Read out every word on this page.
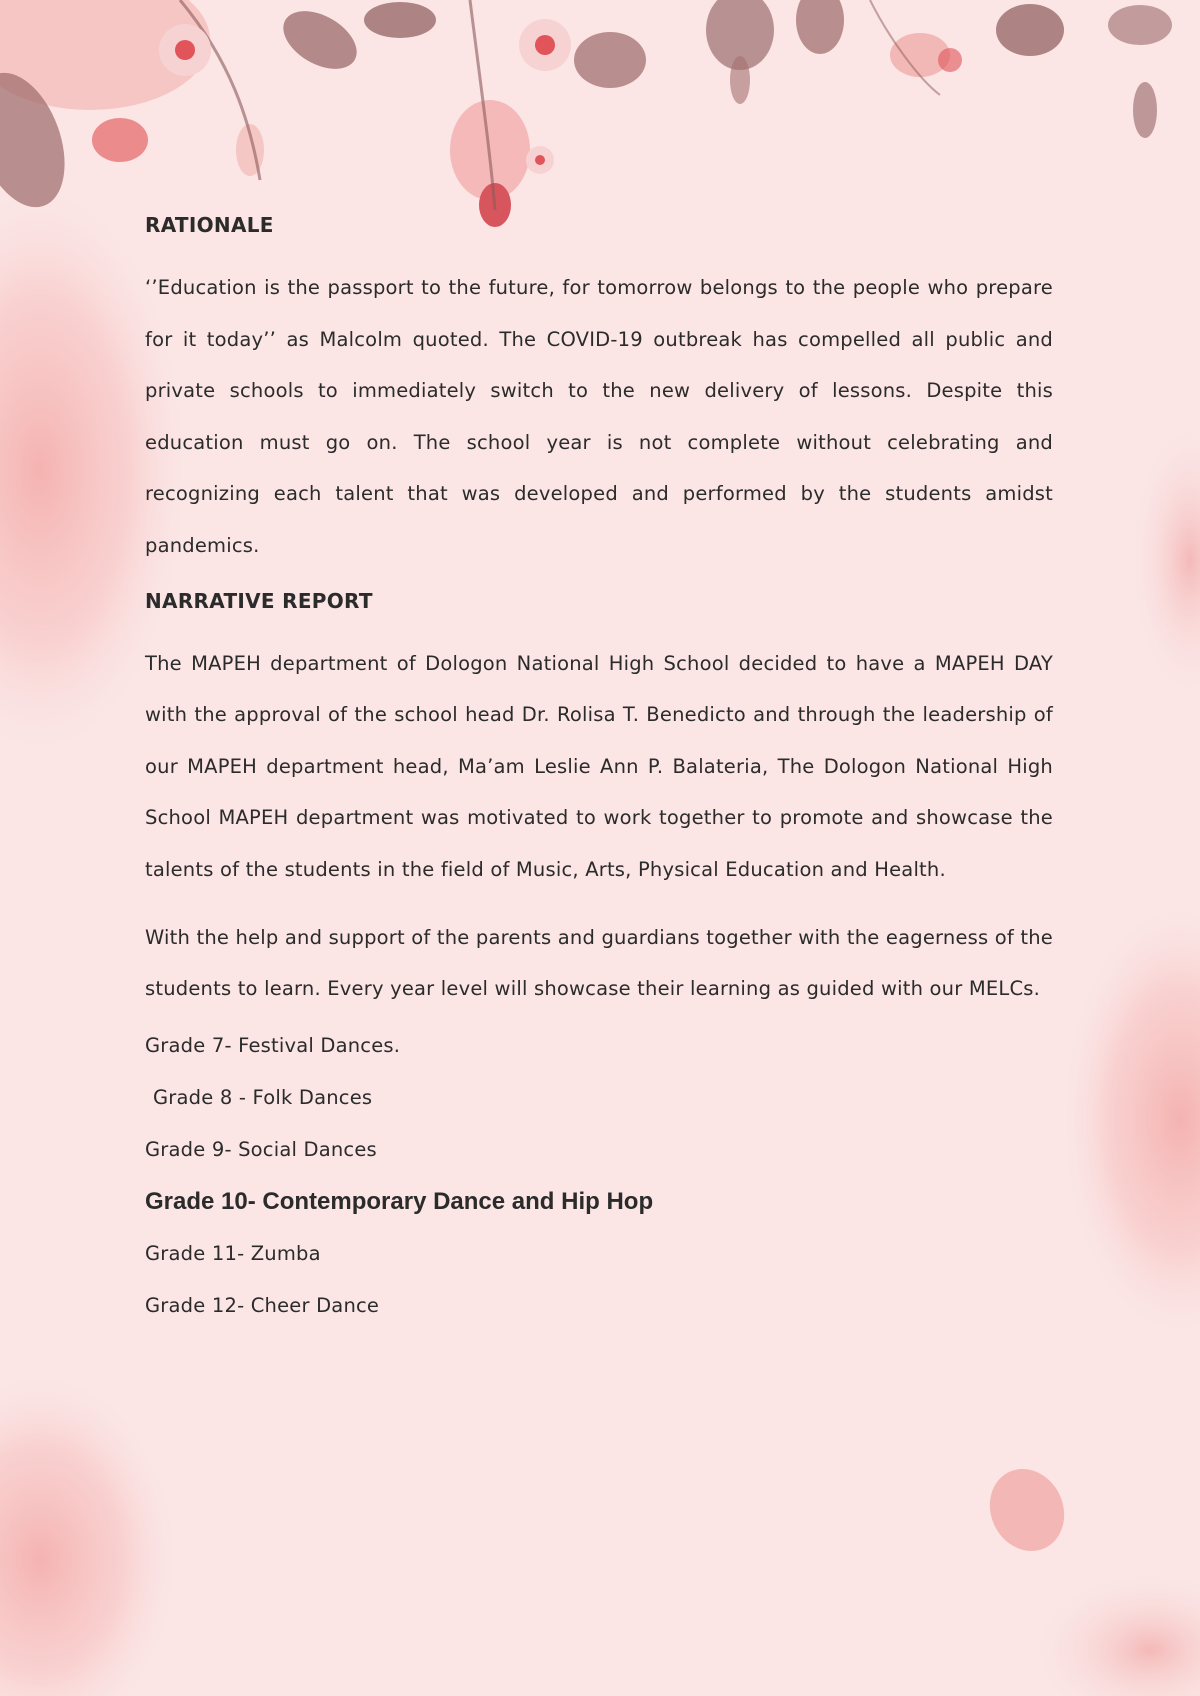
RATIONALE

‘’Education is the passport to the future, for tomorrow belongs to the people who prepare for it today’’ as Malcolm quoted. The COVID-19 outbreak has compelled all public and private schools to immediately switch to the new delivery of lessons. Despite this education must go on. The school year is not complete without celebrating and recognizing each talent that was developed and performed by the students amidst pandemics.

NARRATIVE REPORT

The MAPEH department of Dologon National High School decided to have a MAPEH DAY with the approval of the school head Dr. Rolisa T. Benedicto and through the leadership of our MAPEH department head, Ma’am Leslie Ann P. Balateria, The Dologon National High School MAPEH department was motivated to work together to promote and showcase the talents of the students in the field of Music, Arts, Physical Education and Health.

With the help and support of the parents and guardians together with the eagerness of the students to learn. Every year level will showcase their learning as guided with our MELCs.

Grade 7- Festival Dances.
Grade 8 - Folk Dances
Grade 9- Social Dances
Grade 10- Contemporary Dance and Hip Hop
Grade 11- Zumba
Grade 12- Cheer Dance
